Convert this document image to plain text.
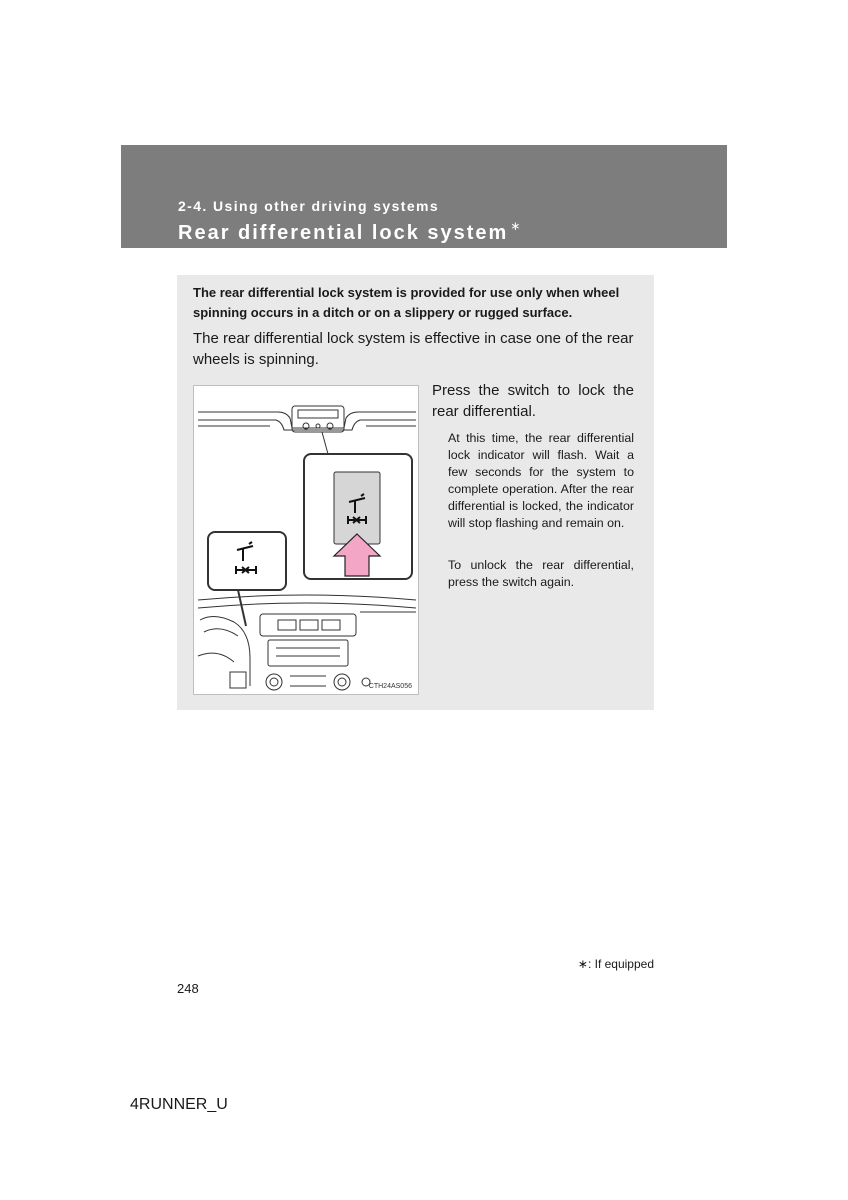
2-4. Using other driving systems
Rear differential lock system ∗
The rear differential lock system is provided for use only when wheel spinning occurs in a ditch or on a slippery or rugged surface.
The rear differential lock system is effective in case one of the rear wheels is spinning.
CTH24AS056
Press the switch to lock the rear differential.
At this time, the rear differential lock indicator will flash. Wait a few seconds for the system to complete operation. After the rear differential is locked, the indicator will stop flashing and remain on.
To unlock the rear differential, press the switch again.
∗: If equipped
248
4RUNNER_U
